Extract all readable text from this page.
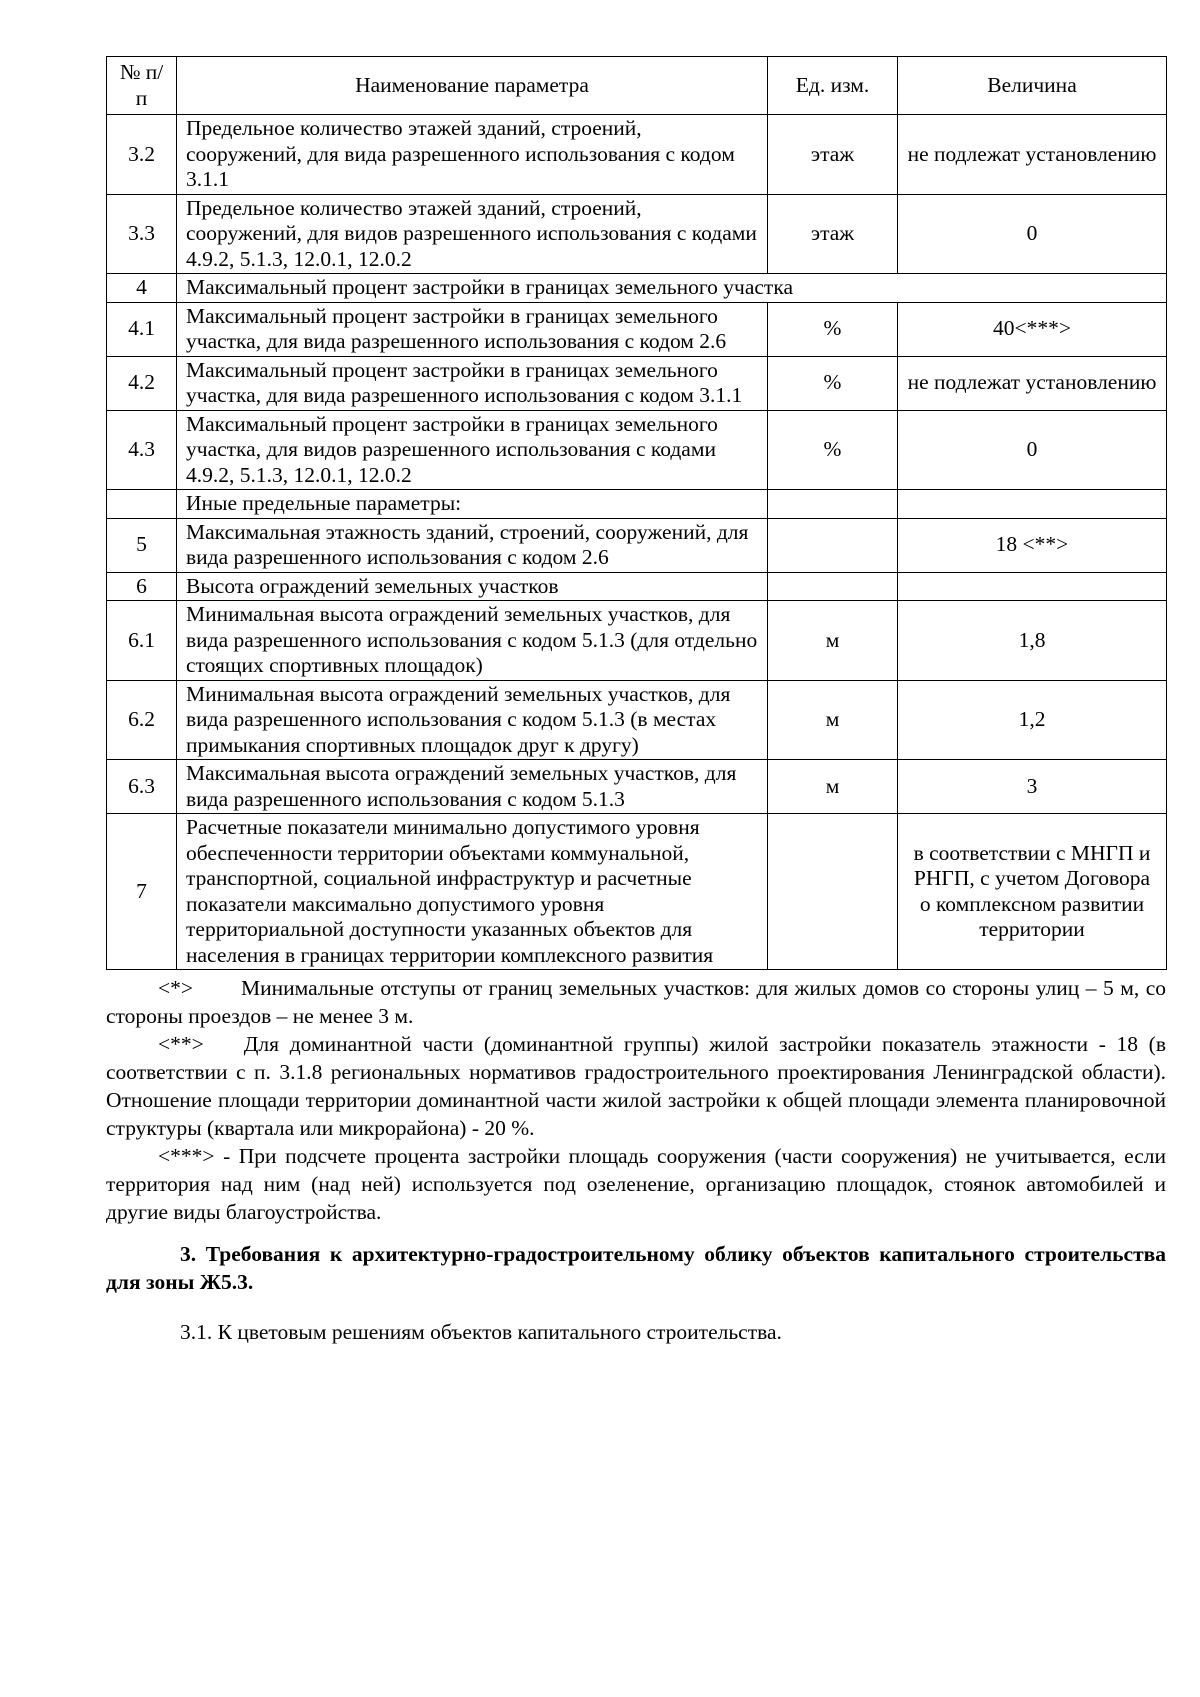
№ п/п	Наименование параметра	Ед. изм.	Величина
3.2	Предельное количество этажей зданий, строений, сооружений, для вида разрешенного использования с кодом 3.1.1	этаж	не подлежат установлению
3.3	Предельное количество этажей зданий, строений, сооружений, для видов разрешенного использования с кодами 4.9.2, 5.1.3, 12.0.1, 12.0.2	этаж	0
4	Максимальный процент застройки в границах земельного участка		
4.1	Максимальный процент застройки в границах земельного участка, для вида разрешенного использования с кодом 2.6	%	40<***>
4.2	Максимальный процент застройки в границах земельного участка, для вида разрешенного использования с кодом 3.1.1	%	не подлежат установлению
4.3	Максимальный процент застройки в границах земельного участка, для видов разрешенного использования с кодами 4.9.2, 5.1.3, 12.0.1, 12.0.2	%	0
	Иные предельные параметры:		
5	Максимальная этажность зданий, строений, сооружений, для вида разрешенного использования с кодом 2.6		18 <**>
6	Высота ограждений земельных участков		
6.1	Минимальная высота ограждений земельных участков, для вида разрешенного использования с кодом 5.1.3 (для отдельно стоящих спортивных площадок)	м	1,8
6.2	Минимальная высота ограждений земельных участков, для вида разрешенного использования с кодом 5.1.3 (в местах примыкания спортивных площадок друг к другу)	м	1,2
6.3	Максимальная высота ограждений земельных участков, для вида разрешенного использования с кодом 5.1.3	м	3
7	Расчетные показатели минимально допустимого уровня обеспеченности территории объектами коммунальной, транспортной, социальной инфраструктур и расчетные показатели максимально допустимого уровня территориальной доступности указанных объектов для населения в границах территории комплексного развития		в соответствии с МНГП и РНГП, с учетом Договора о комплексном развитии территории

<*> Минимальные отступы от границ земельных участков: для жилых домов со стороны улиц – 5 м, со стороны проездов – не менее 3 м.

<**> Для доминантной части (доминантной группы) жилой застройки показатель этажности - 18 (в соответствии с п. 3.1.8 региональных нормативов градостроительного проектирования Ленинградской области). Отношение площади территории доминантной части жилой застройки к общей площади элемента планировочной структуры (квартала или микрорайона) - 20 %.

<***> - При подсчете процента застройки площадь сооружения (части сооружения) не учитывается, если территория над ним (над ней) используется под озеленение, организацию площадок, стоянок автомобилей и другие виды благоустройства.

3. Требования к архитектурно-градостроительному облику объектов капитального строительства для зоны Ж5.3.

3.1. К цветовым решениям объектов капитального строительства.
